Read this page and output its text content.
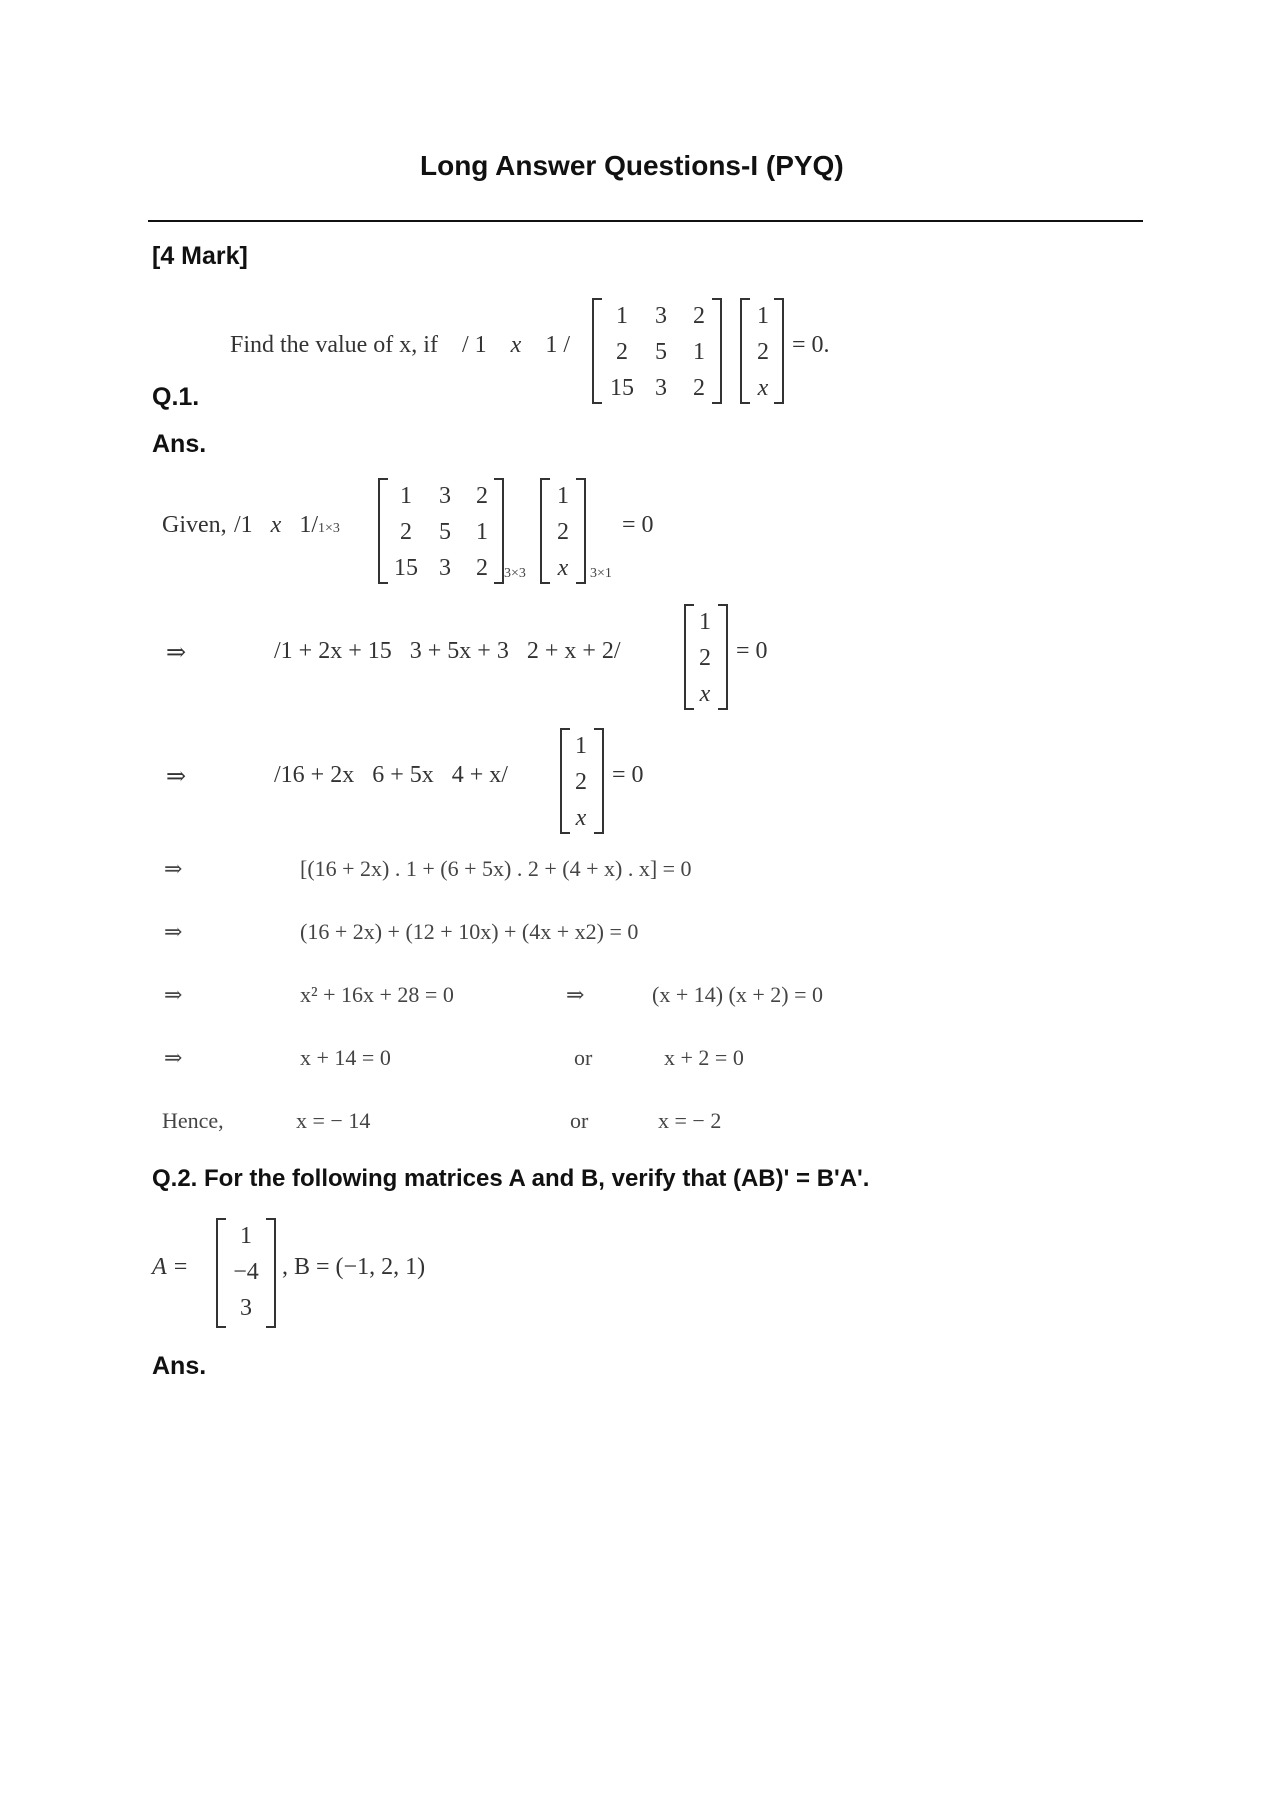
Long Answer Questions-I (PYQ)
[4 Mark]
Find the value of x, if / 1 x 1 /
1	3	2
2	5	1
15 3	2
1
2
x
= 0.
Q.1.
Ans.
Given, /1   x   1/1×3
1	3	2
2	5	1
15 3	2	3×3
1
2
x	3×1
= 0
⇒	/1 + 2x + 15   3 + 5x + 3   2 + x + 2/
1
2
x
= 0
⇒	/16 + 2x   6 + 5x   4 + x/
1
2
x
= 0
⇒	[(16 + 2x) . 1 + (6 + 5x) . 2 + (4 + x) . x] = 0
⇒	(16 + 2x) + (12 + 10x) + (4x + x2) = 0
⇒	x² + 16x + 28 = 0	⇒	(x + 14) (x + 2) = 0
⇒	x + 14 = 0	or	x + 2 = 0
Hence,	x = − 14	or	x = − 2
Q.2. For the following matrices A and B, verify that (AB)' = B'A'.
A =
1
−4
3
, B = (−1, 2, 1)
Ans.
